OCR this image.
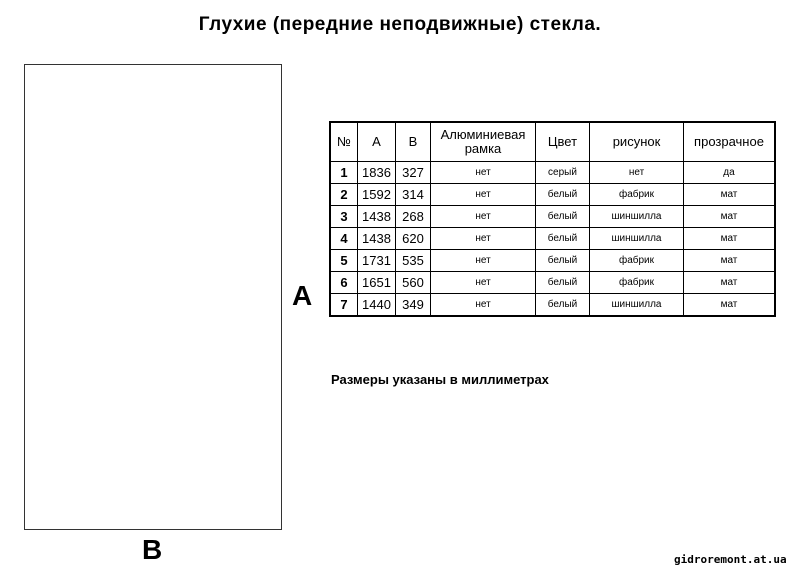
Глухие (передние неподвижные) стекла.
A
B
№	A	B	Алюминиевая рамка	Цвет	рисунок	прозрачное
1	1836	327	нет	серый	нет	да
2	1592	314	нет	белый	фабрик	мат
3	1438	268	нет	белый	шиншилла	мат
4	1438	620	нет	белый	шиншилла	мат
5	1731	535	нет	белый	фабрик	мат
6	1651	560	нет	белый	фабрик	мат
7	1440	349	нет	белый	шиншилла	мат
Размеры указаны в миллиметрах
gidroremont.at.ua
